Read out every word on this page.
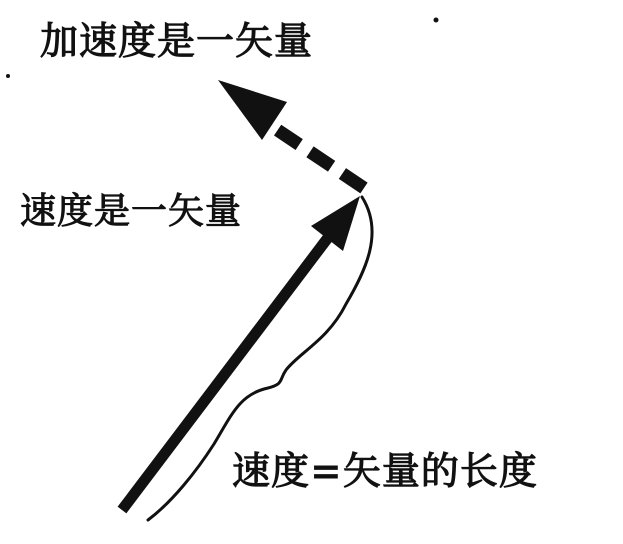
加速度是一矢量
速度是一矢量
速度=矢量的长度
